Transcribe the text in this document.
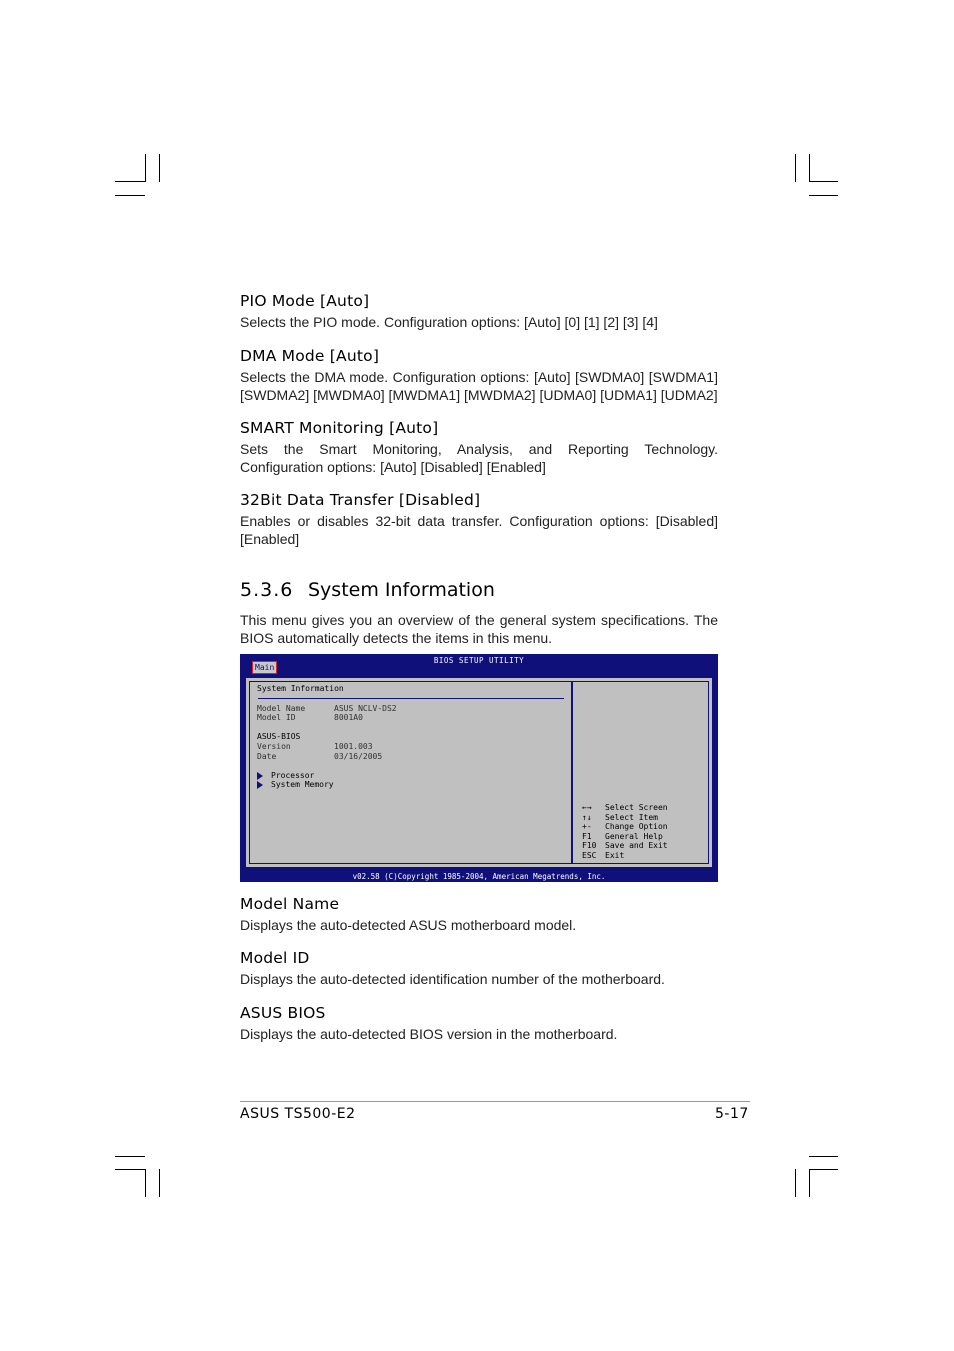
PIO Mode [Auto]

Selects the PIO mode. Configuration options: [Auto] [0] [1] [2] [3] [4]

DMA Mode [Auto]

Selects the DMA mode. Configuration options: [Auto] [SWDMA0] [SWDMA1] [SWDMA2] [MWDMA0] [MWDMA1] [MWDMA2] [UDMA0] [UDMA1] [UDMA2]

SMART Monitoring [Auto]

Sets the Smart Monitoring, Analysis, and Reporting Technology. Configuration options: [Auto] [Disabled] [Enabled]

32Bit Data Transfer [Disabled]

Enables or disables 32-bit data transfer. Configuration options: [Disabled] [Enabled]

5.3.6 System Information

This menu gives you an overview of the general system specifications. The BIOS automatically detects the items in this menu.

BIOS SETUP UTILITY
Main
System Information
Model Name	ASUS NCLV-DS2
Model ID	8001A0
ASUS-BIOS
Version	1001.003
Date	03/16/2005
Processor
System Memory
←→ Select Screen
↑↓ Select Item
+- Change Option
F1 General Help
F10 Save and Exit
ESC Exit
v02.58 (C)Copyright 1985-2004, American Megatrends, Inc.
Model Name

Displays the auto-detected ASUS motherboard model.

Model ID

Displays the auto-detected identification number of the motherboard.

ASUS BIOS

Displays the auto-detected BIOS version in the motherboard.

ASUS TS500-E2	5-17
